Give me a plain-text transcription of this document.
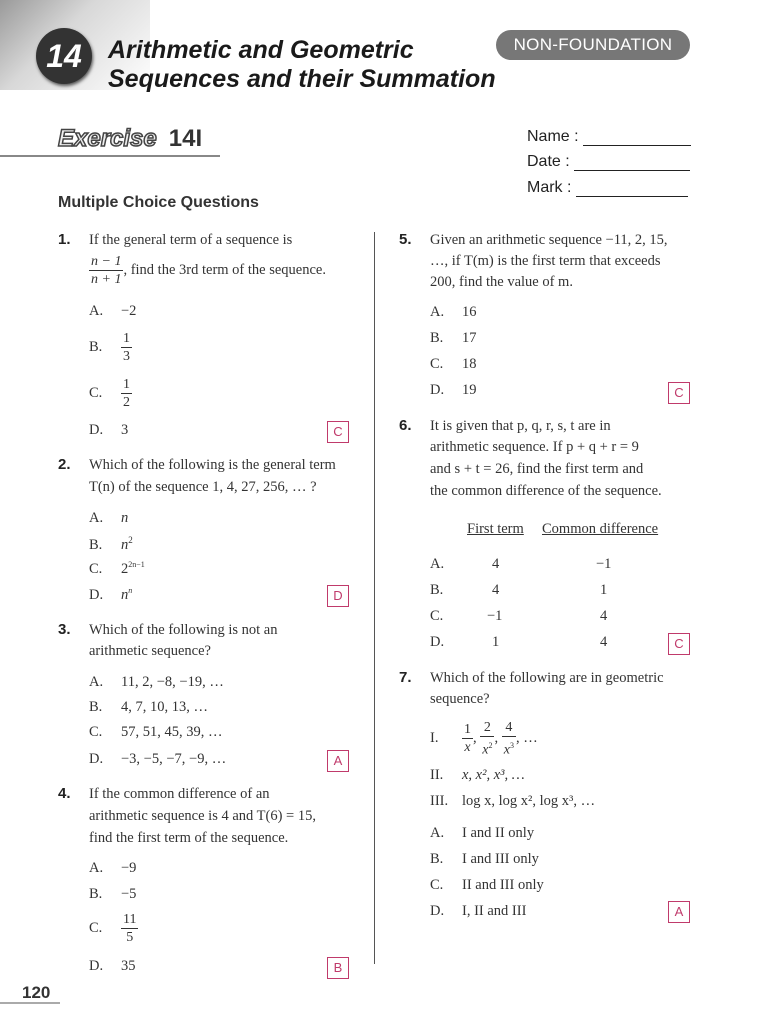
14	Arithmetic and Geometric
Sequences and their Summation
NON-FOUNDATION
Exercise 14I	Name :
Date :
Mark :
Multiple Choice Questions
1. If the general term of a sequence is
$\frac{n - 1}{n + 1}$ , find the 3rd term of the sequence.
A. −2
B. $\frac{1}{3}$
C. $\frac{1}{2}$
D. 3	C
2. Which of the following is the general term
T(n) of the sequence 1, 4, 27, 256, … ?
A. n
B. $n^2$
C. $2^{2n-1}$
D. $n^n$	D
3. Which of the following is not an
arithmetic sequence?
A. 11, 2, −8, −19, …
B. 4, 7, 10, 13, …
C. 57, 51, 45, 39, …
D. −3, −5, −7, −9, …	A
4. If the common difference of an
arithmetic sequence is 4 and T(6) = 15,
find the first term of the sequence.
A. −9
B. −5
C. $\frac{11}{5}$
D. 35	B
5. Given an arithmetic sequence −11, 2, 15,
…, if T(m) is the first term that exceeds
200, find the value of m.
A. 16
B. 17
C. 18
D. 19	C
6. It is given that p, q, r, s, t are in
arithmetic sequence. If p + q + r = 9
and s + t = 26, find the first term and
the common difference of the sequence.
First term Common difference
A.	4	−1
B.	4	1
C.	−1	4
D.	1	4	C
7. Which of the following are in geometric
sequence?
I. $\frac{1}{x}$ , $\frac{2}{x^2}$ , $\frac{4}{x^3}$ , …
II. x, x², x³, …
III. log x, log x², log x³, …
A. I and II only
B. I and III only
C. II and III only
D. I, II and III	A
120
